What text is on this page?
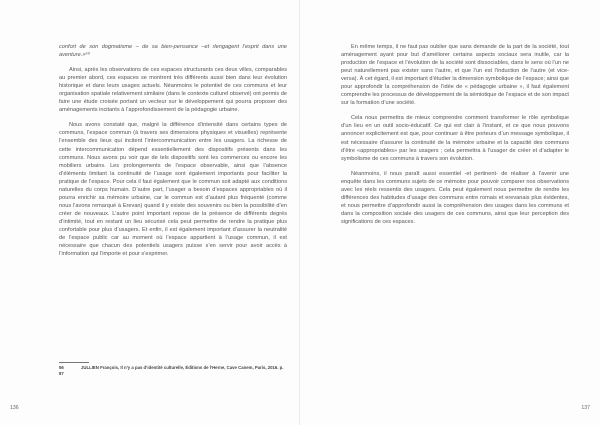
confort de son dogmatisme – de sa bien-pensance –et rlengagent l’esprit dans une aventure.»⁵⁶

Ainsi, après les observations de ces espaces structurants ces deux villes, comparables au premier abord, ces espaces se montrent très différents aussi bien dans leur évolution historique et dans leurs usages actuels. Néanmoins le potentiel de ces communs et leur organisation spatiale relativement similaire (dans le contexte culturel observé) ont permis de faire une étude croisée portant un vecteur sur le développement qui pourra proposer des aménagements incitants à l’approfondissement de la pédagogie urbaine.

Nous avons constaté que, malgré la différence d’intensité dans certains types de communs, l’espace commun (à travers ses dimensions physiques et visuelles) représente l’ensemble des lieux qui incitent l’intercommunication entre les usagers. La richesse de cette intercommunication dépend essentiellement des dispositifs présents dans les communs. Nous avons pu voir que de tels dispositifs sont les commerces ou encore les mobiliers urbains. Les prolongements de l’espace observable, ainsi que l’absence d’éléments limitant la continuité de l’usage sont également importants pour faciliter la pratique de l’espace. Pour cela il faut également que le commun soit adapté aux conditions naturelles du corps humain. D’autre part, l’usager a besoin d’espaces appropriables où il pourra enrichir sa mémoire urbaine, car le commun est d’autant plus fréquenté (comme nous l’avons remarqué à Erevan) quand il y existe des souvenirs ou bien la possibilité d’en créer de nouveaux. L’autre point important repose de la présence de différents degrés d’intimité, tout en restant un lieu sécurisé cela peut permettre de rendre la pratique plus confortable pour plus d’usagers. Et enfin, il est également important d’assurer la neutralité de l’espace public car au moment où l’espace appartient à l’usage commun, il est nécessaire que chacun des potentiels usagers puisse s’en servir pour avoir accès à l’information qui l’importe et pour s’exprimer.

56	JULLIEN François, Il n’y a pas d’identité culturelle, Éditions de l’Herne, Cave Canem, Paris, 2016. p. 87

En même temps, il ne faut pas oublier que sans demande de la part de la société, tout aménagement ayant pour but d’améliorer certains aspects sociaux sera inutile, car la production de l’espace et l’évolution de la société sont dissociables, dans le sens où l’un ne peut naturellement pas exister sans l’autre, et que l’un est l’induction de l’autre (et vice-versa). À cet égard, il est important d’étudier la dimension symbolique de l’espace; ainsi que pour approfondir la compréhension de l’idée de « pédagogie urbaine », il faut également comprendre les processus de développement de la sémiotique de l’espace et de son impact sur la formation d’une société.

Cela nous permettra de mieux comprendre comment transformer le rôle symbolique d’un lieu en un outil socio-éducatif. Ce qui est clair à l’instant, et ce que nous pouvons annoncer explicitement est que, pour continuer à être porteurs d’un message symbolique, il est nécessaire d’assurer la continuité de la mémoire urbaine et la capacité des communs d’être «appropriables» par les usagers ; cela permettra à l’usager de créer et d’adapter le symbolisme de ces communs à travers son évolution.

Néanmoins, il nous paraît aussi essentiel -et pertinent- de réaliser à l’avenir une enquête dans les communs sujets de ce mémoire pour pouvoir comparer nos observations avec les réels ressentis des usagers. Cela peut également nous permettre de rendre les différences des habitudes d’usage des communs entre romais et erevanais plus évidentes, et nous permettre d’approfondir aussi la compréhension des usages dans les communs et dans la composition sociale des usagers de ces communs, ainsi que leur perception des significations de ces espaces.

136	137
